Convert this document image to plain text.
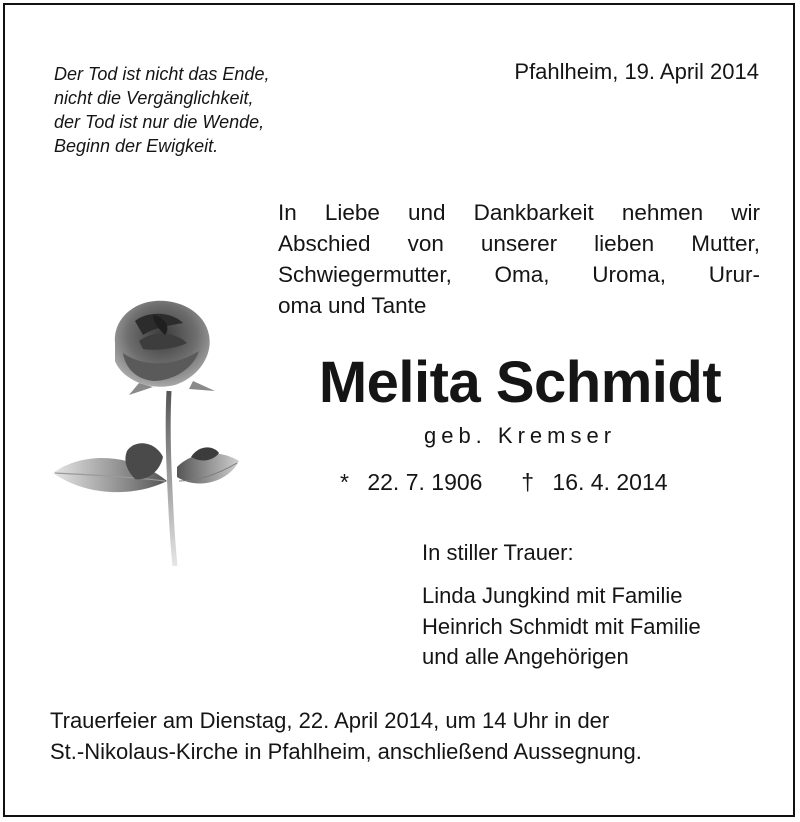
Der Tod ist nicht das Ende,
nicht die Vergänglichkeit,
der Tod ist nur die Wende,
Beginn der Ewigkeit.
Pfahlheim, 19. April 2014
In Liebe und Dankbarkeit nehmen wir
Abschied von unserer lieben Mutter,
Schwiegermutter, Oma, Uroma, Urur-
oma und Tante
Melita Schmidt
geb. Kremser
* 22. 7. 1906 † 16. 4. 2014
In stiller Trauer:
Linda Jungkind mit Familie
Heinrich Schmidt mit Familie
und alle Angehörigen
Trauerfeier am Dienstag, 22. April 2014, um 14 Uhr in der
St.-Nikolaus-Kirche in Pfahlheim, anschließend Aussegnung.
